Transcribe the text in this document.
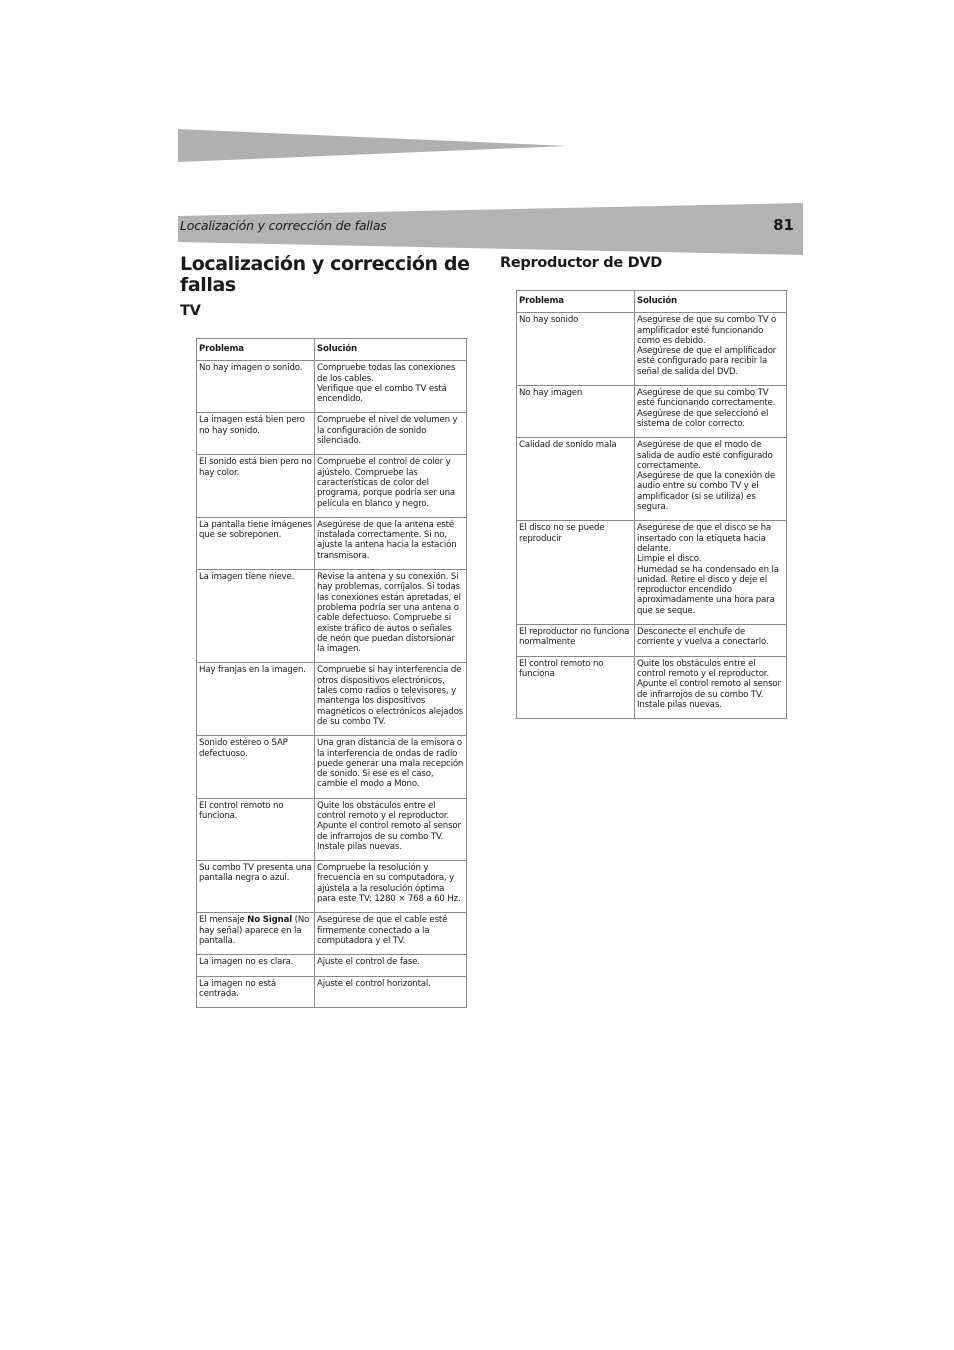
Localización y corrección de fallas	81
Localización y corrección de fallas
TV
Problema	Solución
No hay imagen o sonido.	Compruebe todas las conexiones de los cables.
Verifique que el combo TV está encendido.
La imagen está bien pero no hay sonido.	Compruebe el nivel de volumen y la configuración de sonido silenciado.
El sonido está bien pero no hay color.	Compruebe el control de color y ajústelo. Compruebe las características de color del programa, porque podría ser una película en blanco y negro.
La pantalla tiene imágenes que se sobreponen.	Asegúrese de que la antena esté instalada correctamente. Si no, ajuste la antena hacia la estación transmisora.
La imagen tiene nieve.	Revise la antena y su conexión. Si hay problemas, corríjalos. Si todas las conexiones están apretadas, el problema podría ser una antena o cable defectuoso. Compruebe si existe tráfico de autos o señales de neón que puedan distorsionar la imagen.
Hay franjas en la imagen.	Compruebe si hay interferencia de otros dispositivos electrónicos, tales como radios o televisores, y mantenga los dispositivos magnéticos o electrónicos alejados de su combo TV.
Sonido estéreo o SAP defectuoso.	Una gran distancia de la emisora o la interferencia de ondas de radio puede generar una mala recepción de sonido. Si ese es el caso, cambie el modo a Mono.
El control remoto no funciona.	Quite los obstáculos entre el control remoto y el reproductor. Apunte el control remoto al sensor de infrarrojos de su combo TV. Instale pilas nuevas.
Su combo TV presenta una pantalla negra o azul.	Compruebe la resolución y frecuencia en su computadora, y ajústela a la resolución óptima para este TV: 1280 × 768 a 60 Hz.
El mensaje No Signal (No hay señal) aparece en la pantalla.	Asegúrese de que el cable esté firmemente conectado a la computadora y el TV.
La imagen no es clara.	Ajuste el control de fase.
La imagen no está centrada.	Ajuste el control horizontal.
Reproductor de DVD
Problema	Solución
No hay sonido	Asegúrese de que su combo TV o amplificador esté funcionando como es debido.
Asegúrese de que el amplificador esté configurado para recibir la señal de salida del DVD.
No hay imagen	Asegúrese de que su combo TV esté funcionando correctamente.
Asegúrese de que seleccionó el sistema de color correcto.
Calidad de sonido mala	Asegúrese de que el modo de salida de audio esté configurado correctamente.
Asegúrese de que la conexión de audio entre su combo TV y el amplificador (si se utiliza) es segura.
El disco no se puede reproducir	Asegúrese de que el disco se ha insertado con la etiqueta hacia delante.
Limpie el disco.
Humedad se ha condensado en la unidad. Retire el disco y deje el reproductor encendido aproximadamente una hora para que se seque.
El reproductor no funciona normalmente	Desconecte el enchufe de corriente y vuelva a conectarlo.
El control remoto no funciona	Quite los obstáculos entre el control remoto y el reproductor. Apunte el control remoto al sensor de infrarrojos de su combo TV. Instale pilas nuevas.
